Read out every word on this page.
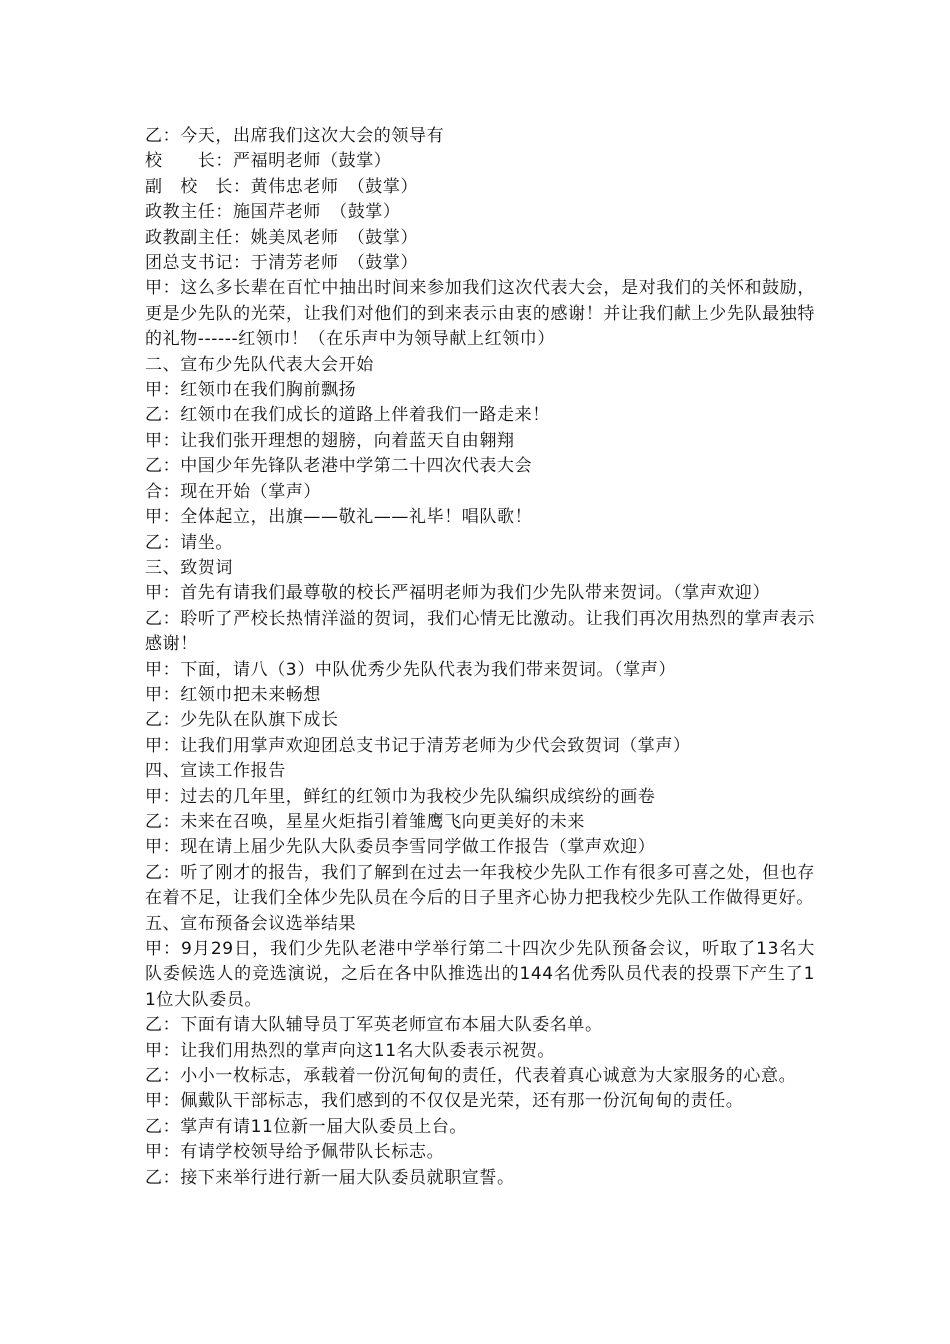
乙：今天，出席我们这次大会的领导有

校　　长：严福明老师（鼓掌）

副　校　长：黄伟忠老师　（鼓掌）

政教主任：施国芹老师　（鼓掌）

政教副主任：姚美凤老师　（鼓掌）

团总支书记：于清芳老师　（鼓掌）

甲：这么多长辈在百忙中抽出时间来参加我们这次代表大会，是对我们的关怀和鼓励，更是少先队的光荣，让我们对他们的到来表示由衷的感谢！并让我们献上少先队最独特的礼物------红领巾！（在乐声中为领导献上红领巾）

二、宣布少先队代表大会开始

甲：红领巾在我们胸前飘扬

乙：红领巾在我们成长的道路上伴着我们一路走来！

甲：让我们张开理想的翅膀，向着蓝天自由翱翔

乙：中国少年先锋队老港中学第二十四次代表大会

合：现在开始（掌声）

甲：全体起立，出旗——敬礼——礼毕！唱队歌！

乙：请坐。

三、致贺词

甲：首先有请我们最尊敬的校长严福明老师为我们少先队带来贺词。（掌声欢迎）

乙：聆听了严校长热情洋溢的贺词，我们心情无比激动。让我们再次用热烈的掌声表示感谢！

甲：下面，请八（3）中队优秀少先队代表为我们带来贺词。（掌声）

甲：红领巾把未来畅想

乙：少先队在队旗下成长

甲：让我们用掌声欢迎团总支书记于清芳老师为少代会致贺词（掌声）

四、宣读工作报告

甲：过去的几年里，鲜红的红领巾为我校少先队编织成缤纷的画卷

乙：未来在召唤，星星火炬指引着雏鹰飞向更美好的未来

甲：现在请上届少先队大队委员李雪同学做工作报告（掌声欢迎）

乙：听了刚才的报告，我们了解到在过去一年我校少先队工作有很多可喜之处，但也存在着不足，让我们全体少先队员在今后的日子里齐心协力把我校少先队工作做得更好。

五、宣布预备会议选举结果

甲：9月29日，我们少先队老港中学举行第二十四次少先队预备会议，听取了13名大队委候选人的竞选演说，之后在各中队推选出的144名优秀队员代表的投票下产生了11位大队委员。

乙：下面有请大队辅导员丁军英老师宣布本届大队委名单。

甲：让我们用热烈的掌声向这11名大队委表示祝贺。

乙：小小一枚标志，承载着一份沉甸甸的责任，代表着真心诚意为大家服务的心意。

甲：佩戴队干部标志，我们感到的不仅仅是光荣，还有那一份沉甸甸的责任。

乙：掌声有请11位新一届大队委员上台。

甲：有请学校领导给予佩带队长标志。

乙：接下来举行进行新一届大队委员就职宣誓。
